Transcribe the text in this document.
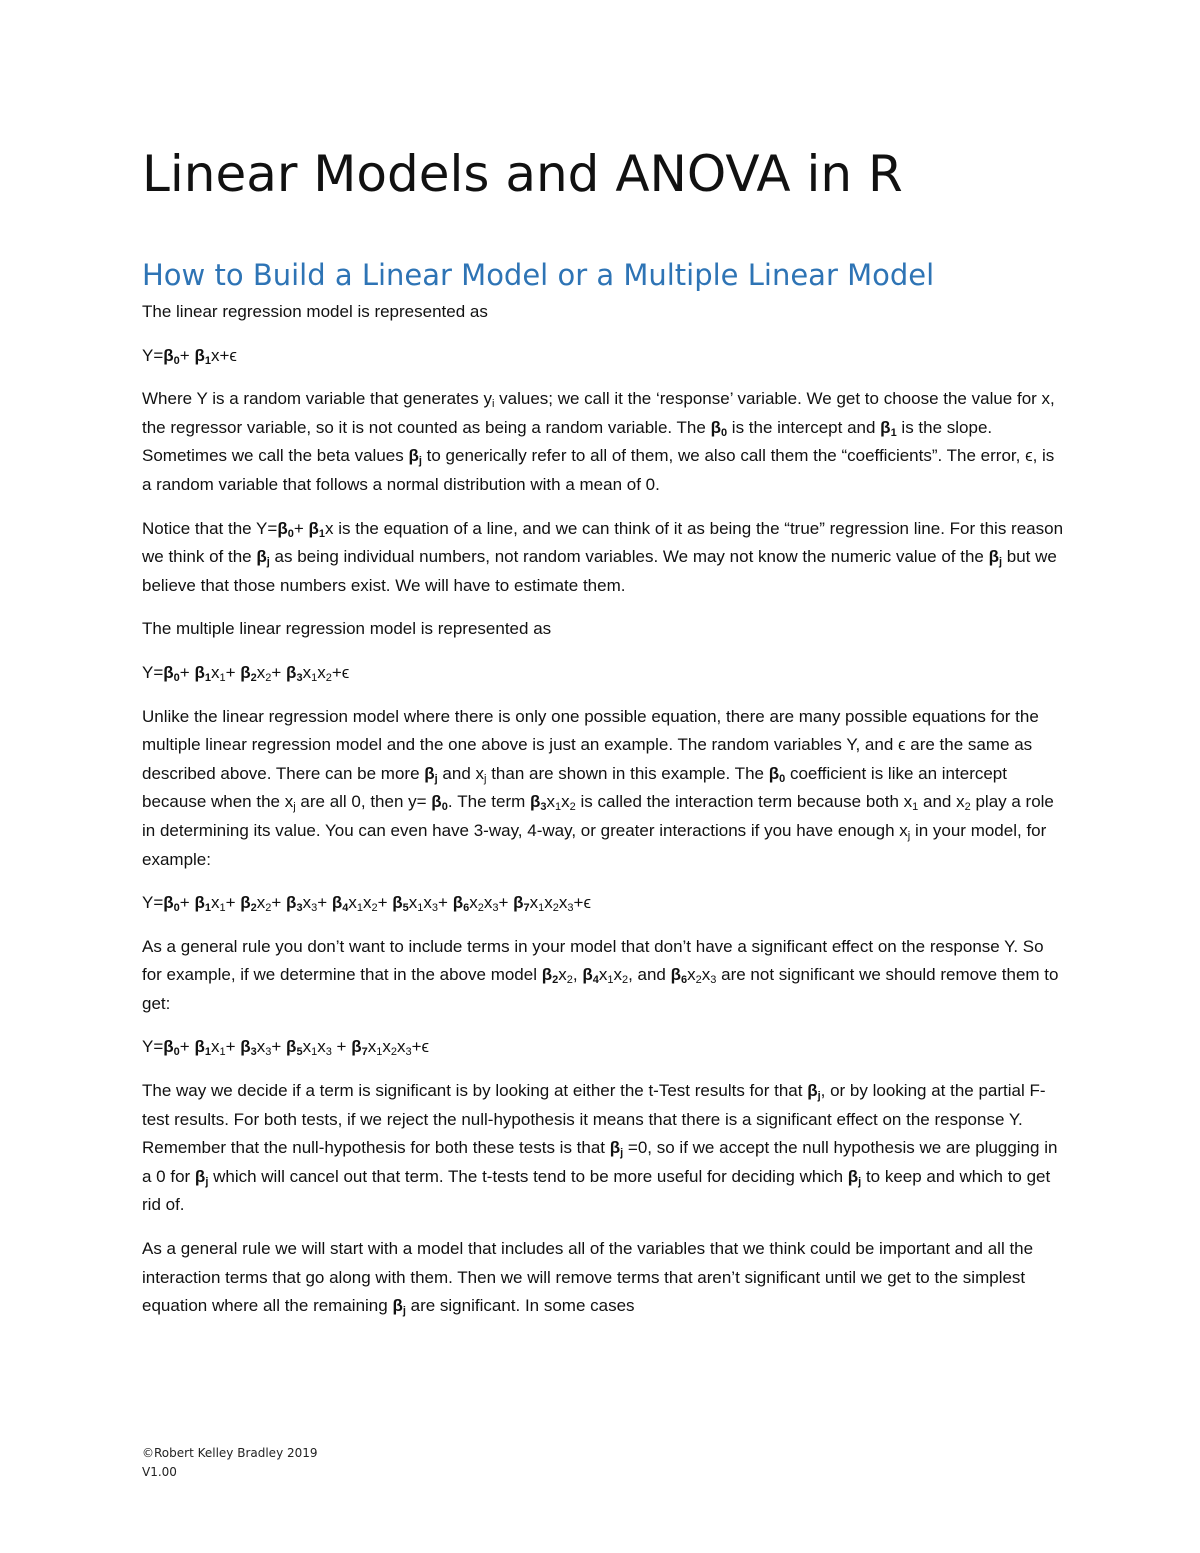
Linear Models and ANOVA in R
How to Build a Linear Model or a Multiple Linear Model

The linear regression model is represented as

$Y=\beta_0+ \beta_1x+\epsilon$

Where Y is a random variable that generates $y_i$ values; we call it the ‘response’ variable. We get to choose the value for x, the regressor variable, so it is not counted as being a random variable. The $\beta_0$ is the intercept and $\beta_1$ is the slope. Sometimes we call the beta values $\beta_j$ to generically refer to all of them, we also call them the “coefficients”. The error, ϵ, is a random variable that follows a normal distribution with a mean of 0.

Notice that the $Y=\beta_0+ \beta_1x$ is the equation of a line, and we can think of it as being the “true” regression line. For this reason we think of the $\beta_j$ as being individual numbers, not random variables. We may not know the numeric value of the $\beta_j$ but we believe that those numbers exist. We will have to estimate them.

The multiple linear regression model is represented as

$Y=\beta_0+ \beta_1x_1+ \beta_2x_2+ \beta_3x_1x_2+\epsilon$

Unlike the linear regression model where there is only one possible equation, there are many possible equations for the multiple linear regression model and the one above is just an example. The random variables Y, and ϵ are the same as described above. There can be more $\beta_j$ and $x_j$ than are shown in this example. The $\beta_0$ coefficient is like an intercept because when the $x_j$ are all 0, then $y= \beta_0$. The term $\beta_3x_1x_2$ is called the interaction term because both $x_1$ and $x_2$ play a role in determining its value. You can even have 3-way, 4-way, or greater interactions if you have enough $x_j$ in your model, for example:

$Y=\beta_0+ \beta_1x_1+ \beta_2x_2+ \beta_3x_3+ \beta_4x_1x_2+ \beta_5x_1x_3+ \beta_6x_2x_3+ \beta_7x_1x_2x_3+\epsilon$

As a general rule you don’t want to include terms in your model that don’t have a significant effect on the response Y. So for example, if we determine that in the above model $\beta_2x_2$, $\beta_4x_1x_2$, and $\beta_6x_2x_3$ are not significant we should remove them to get:

$Y=\beta_0+ \beta_1x_1+ \beta_3x_3+ \beta_5x_1x_3 + \beta_7x_1x_2x_3+\epsilon$

The way we decide if a term is significant is by looking at either the t-Test results for that $\beta_j$, or by looking at the partial F-test results. For both tests, if we reject the null-hypothesis it means that there is a significant effect on the response Y. Remember that the null-hypothesis for both these tests is that $\beta_j =0$, so if we accept the null hypothesis we are plugging in a 0 for $\beta_j$ which will cancel out that term. The t-tests tend to be more useful for deciding which $\beta_j$ to keep and which to get rid of.

As a general rule we will start with a model that includes all of the variables that we think could be important and all the interaction terms that go along with them. Then we will remove terms that aren’t significant until we get to the simplest equation where all the remaining $\beta_j$ are significant. In some cases

©Robert Kelley Bradley 2019
V1.00
